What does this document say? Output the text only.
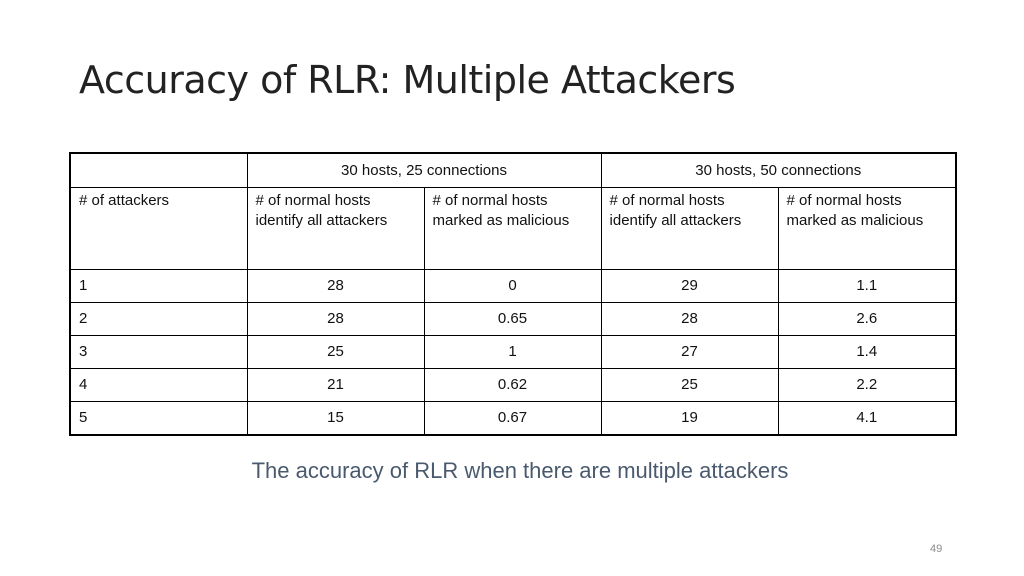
Accuracy of RLR: Multiple Attackers
	30 hosts, 25 connections		30 hosts, 50 connections	
# of attackers	# of normal hosts identify all attackers	# of normal hosts marked as malicious	# of normal hosts identify all attackers	# of normal hosts marked as malicious
1	28	0	29	1.1
2	28	0.65	28	2.6
3	25	1	27	1.4
4	21	0.62	25	2.2
5	15	0.67	19	4.1
The accuracy of RLR when there are multiple attackers
49
